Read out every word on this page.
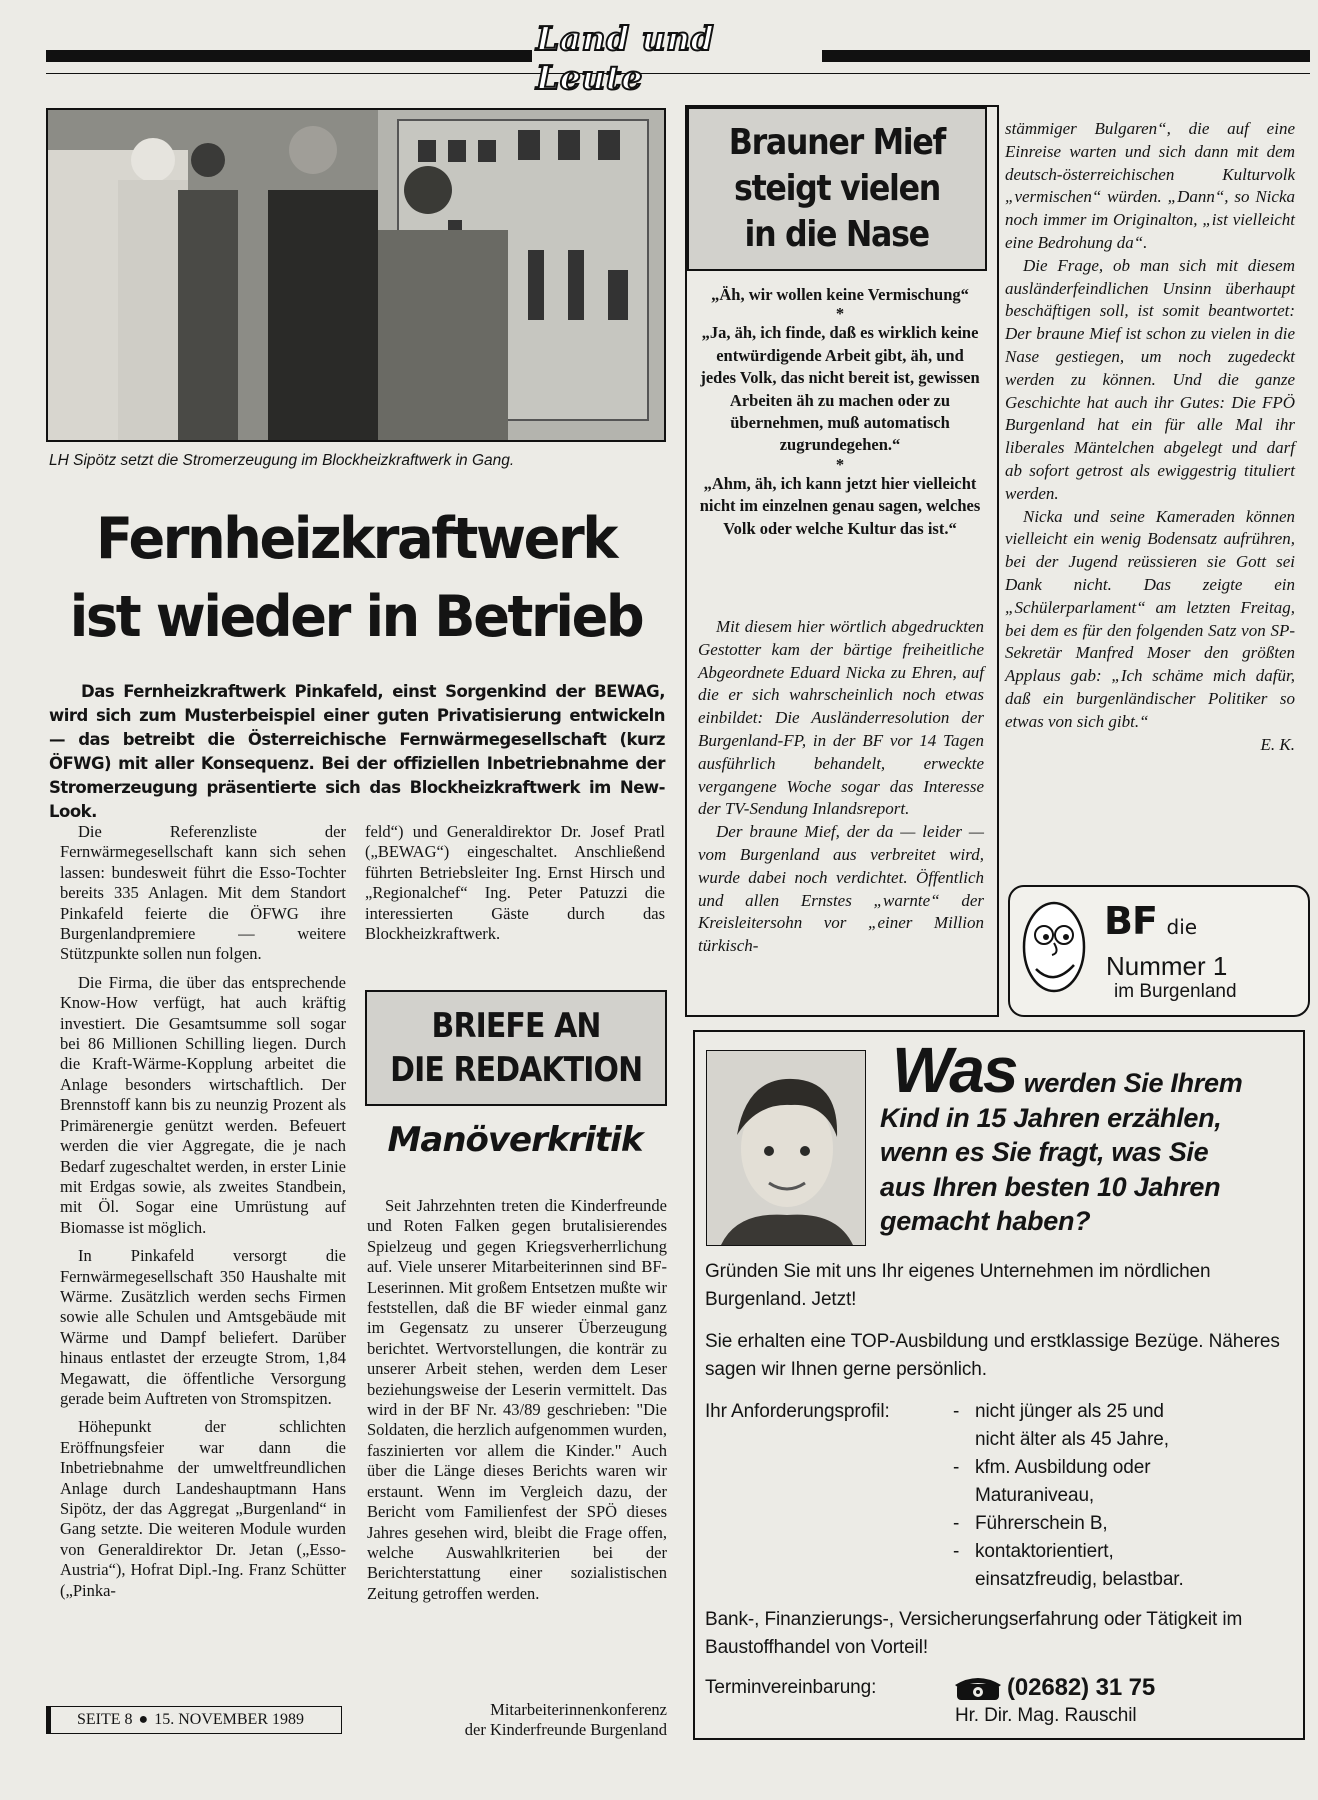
Land und Leute
LH Sipötz setzt die Stromerzeugung im Blockheizkraftwerk in Gang.
Fernheizkraftwerk
ist wieder in Betrieb
Das Fernheizkraftwerk Pinkafeld, einst Sorgenkind der BEWAG, wird sich zum Musterbeispiel einer guten Privatisierung entwickeln — das betreibt die Österreichische Fernwärmegesellschaft (kurz ÖFWG) mit aller Konsequenz. Bei der offiziellen Inbetriebnahme der Stromerzeugung präsentierte sich das Blockheizkraftwerk im New-Look.

Die Referenzliste der Fernwärmegesellschaft kann sich sehen lassen: bundesweit führt die Esso-Tochter bereits 335 Anlagen. Mit dem Standort Pinkafeld feierte die ÖFWG ihre Burgenlandpremiere — weitere Stützpunkte sollen nun folgen.

Die Firma, die über das entsprechende Know-How verfügt, hat auch kräftig investiert. Die Gesamtsumme soll sogar bei 86 Millionen Schilling liegen. Durch die Kraft-Wärme-Kopplung arbeitet die Anlage besonders wirtschaftlich. Der Brennstoff kann bis zu neunzig Prozent als Primärenergie genützt werden. Befeuert werden die vier Aggregate, die je nach Bedarf zugeschaltet werden, in erster Linie mit Erdgas sowie, als zweites Standbein, mit Öl. Sogar eine Umrüstung auf Biomasse ist möglich.

In Pinkafeld versorgt die Fernwärmegesellschaft 350 Haushalte mit Wärme. Zusätzlich werden sechs Firmen sowie alle Schulen und Amtsgebäude mit Wärme und Dampf beliefert. Darüber hinaus entlastet der erzeugte Strom, 1,84 Megawatt, die öffentliche Versorgung gerade beim Auftreten von Stromspitzen.

Höhepunkt der schlichten Eröffnungsfeier war dann die Inbetriebnahme der umweltfreundlichen Anlage durch Landeshauptmann Hans Sipötz, der das Aggregat „Burgenland“ in Gang setzte. Die weiteren Module wurden von Generaldirektor Dr. Jetan („Esso-Austria“), Hofrat Dipl.-Ing. Franz Schütter („Pinka-

feld“) und Generaldirektor Dr. Josef Pratl („BEWAG“) eingeschaltet. Anschließend führten Betriebsleiter Ing. Ernst Hirsch und „Regionalchef“ Ing. Peter Patuzzi die interessierten Gäste durch das Blockheizkraftwerk.

SEITE 8 ● 15. NOVEMBER 1989
BRIEFE AN
DIE REDAKTION
Manöverkritik
Seit Jahrzehnten treten die Kinderfreunde und Roten Falken gegen brutalisierendes Spielzeug und gegen Kriegsverherrlichung auf. Viele unserer Mitarbeiterinnen sind BF-Leserinnen. Mit großem Entsetzen mußte wir feststellen, daß die BF wieder einmal ganz im Gegensatz zu unserer Überzeugung berichtet. Wertvorstellungen, die konträr zu unserer Arbeit stehen, werden dem Leser beziehungsweise der Leserin vermittelt. Das wird in der BF Nr. 43/89 geschrieben: "Die Soldaten, die herzlich aufgenommen wurden, faszinierten vor allem die Kinder." Auch über die Länge dieses Berichts waren wir erstaunt. Wenn im Vergleich dazu, der Bericht vom Familienfest der SPÖ dieses Jahres gesehen wird, bleibt die Frage offen, welche Auswahlkriterien bei der Berichterstattung einer sozialistischen Zeitung getroffen werden.
Mitarbeiterinnenkonferenz
der Kinderfreunde Burgenland
Brauner Mief
steigt vielen
in die Nase

„Äh, wir wollen keine Vermischung“

*

„Ja, äh, ich finde, daß es wirklich keine entwürdigende Arbeit gibt, äh, und jedes Volk, das nicht bereit ist, gewissen Arbeiten äh zu machen oder zu übernehmen, muß automatisch zugrundegehen.“

*

„Ahm, äh, ich kann jetzt hier vielleicht nicht im einzelnen genau sagen, welches Volk oder welche Kultur das ist.“

Mit diesem hier wörtlich abgedruckten Gestotter kam der bärtige freiheitliche Abgeordnete Eduard Nicka zu Ehren, auf die er sich wahrscheinlich noch etwas einbildet: Die Ausländerresolution der Burgenland-FP, in der BF vor 14 Tagen ausführlich behandelt, erweckte vergangene Woche sogar das Interesse der TV-Sendung Inlandsreport.

Der braune Mief, der da — leider — vom Burgenland aus verbreitet wird, wurde dabei noch verdichtet. Öffentlich und allen Ernstes „warnte“ der Kreisleitersohn vor „einer Million türkisch-

stämmiger Bulgaren“, die auf eine Einreise warten und sich dann mit dem deutsch-österreichischen Kulturvolk „vermischen“ würden. „Dann“, so Nicka noch immer im Originalton, „ist vielleicht eine Bedrohung da“.

Die Frage, ob man sich mit diesem ausländerfeindlichen Unsinn überhaupt beschäftigen soll, ist somit beantwortet: Der braune Mief ist schon zu vielen in die Nase gestiegen, um noch zugedeckt werden zu können. Und die ganze Geschichte hat auch ihr Gutes: Die FPÖ Burgenland hat ein für alle Mal ihr liberales Mäntelchen abgelegt und darf ab sofort getrost als ewiggestrig tituliert werden.

Nicka und seine Kameraden können vielleicht ein wenig Bodensatz aufrühren, bei der Jugend reüssieren sie Gott sei Dank nicht. Das zeigte ein „Schülerparlament“ am letzten Freitag, bei dem es für den folgenden Satz von SP-Sekretär Manfred Moser den größten Applaus gab: „Ich schäme mich dafür, daß ein burgenländischer Politiker so etwas von sich gibt.“

E. K.

BF die
Nummer 1
im Burgenland
Was werden Sie Ihrem
Kind in 15 Jahren erzählen,
wenn es Sie fragt, was Sie
aus Ihren besten 10 Jahren
gemacht haben?

Gründen Sie mit uns Ihr eigenes Unternehmen im nördlichen Burgenland. Jetzt!

Sie erhalten eine TOP-Ausbildung und erstklassige Bezüge. Näheres sagen wir Ihnen gerne persönlich.

Ihr Anforderungsprofil:	- nicht jünger als 25 und nicht älter als 45 Jahre,
- kfm. Ausbildung oder Maturaniveau,
- Führerschein B,
- kontaktorientiert, einsatzfreudig, belastbar.

Bank-, Finanzierungs-, Versicherungserfahrung oder Tätigkeit im Baustoffhandel von Vorteil!

Terminvereinbarung:	(02682) 31 75
Hr. Dir. Mag. Rauschil
